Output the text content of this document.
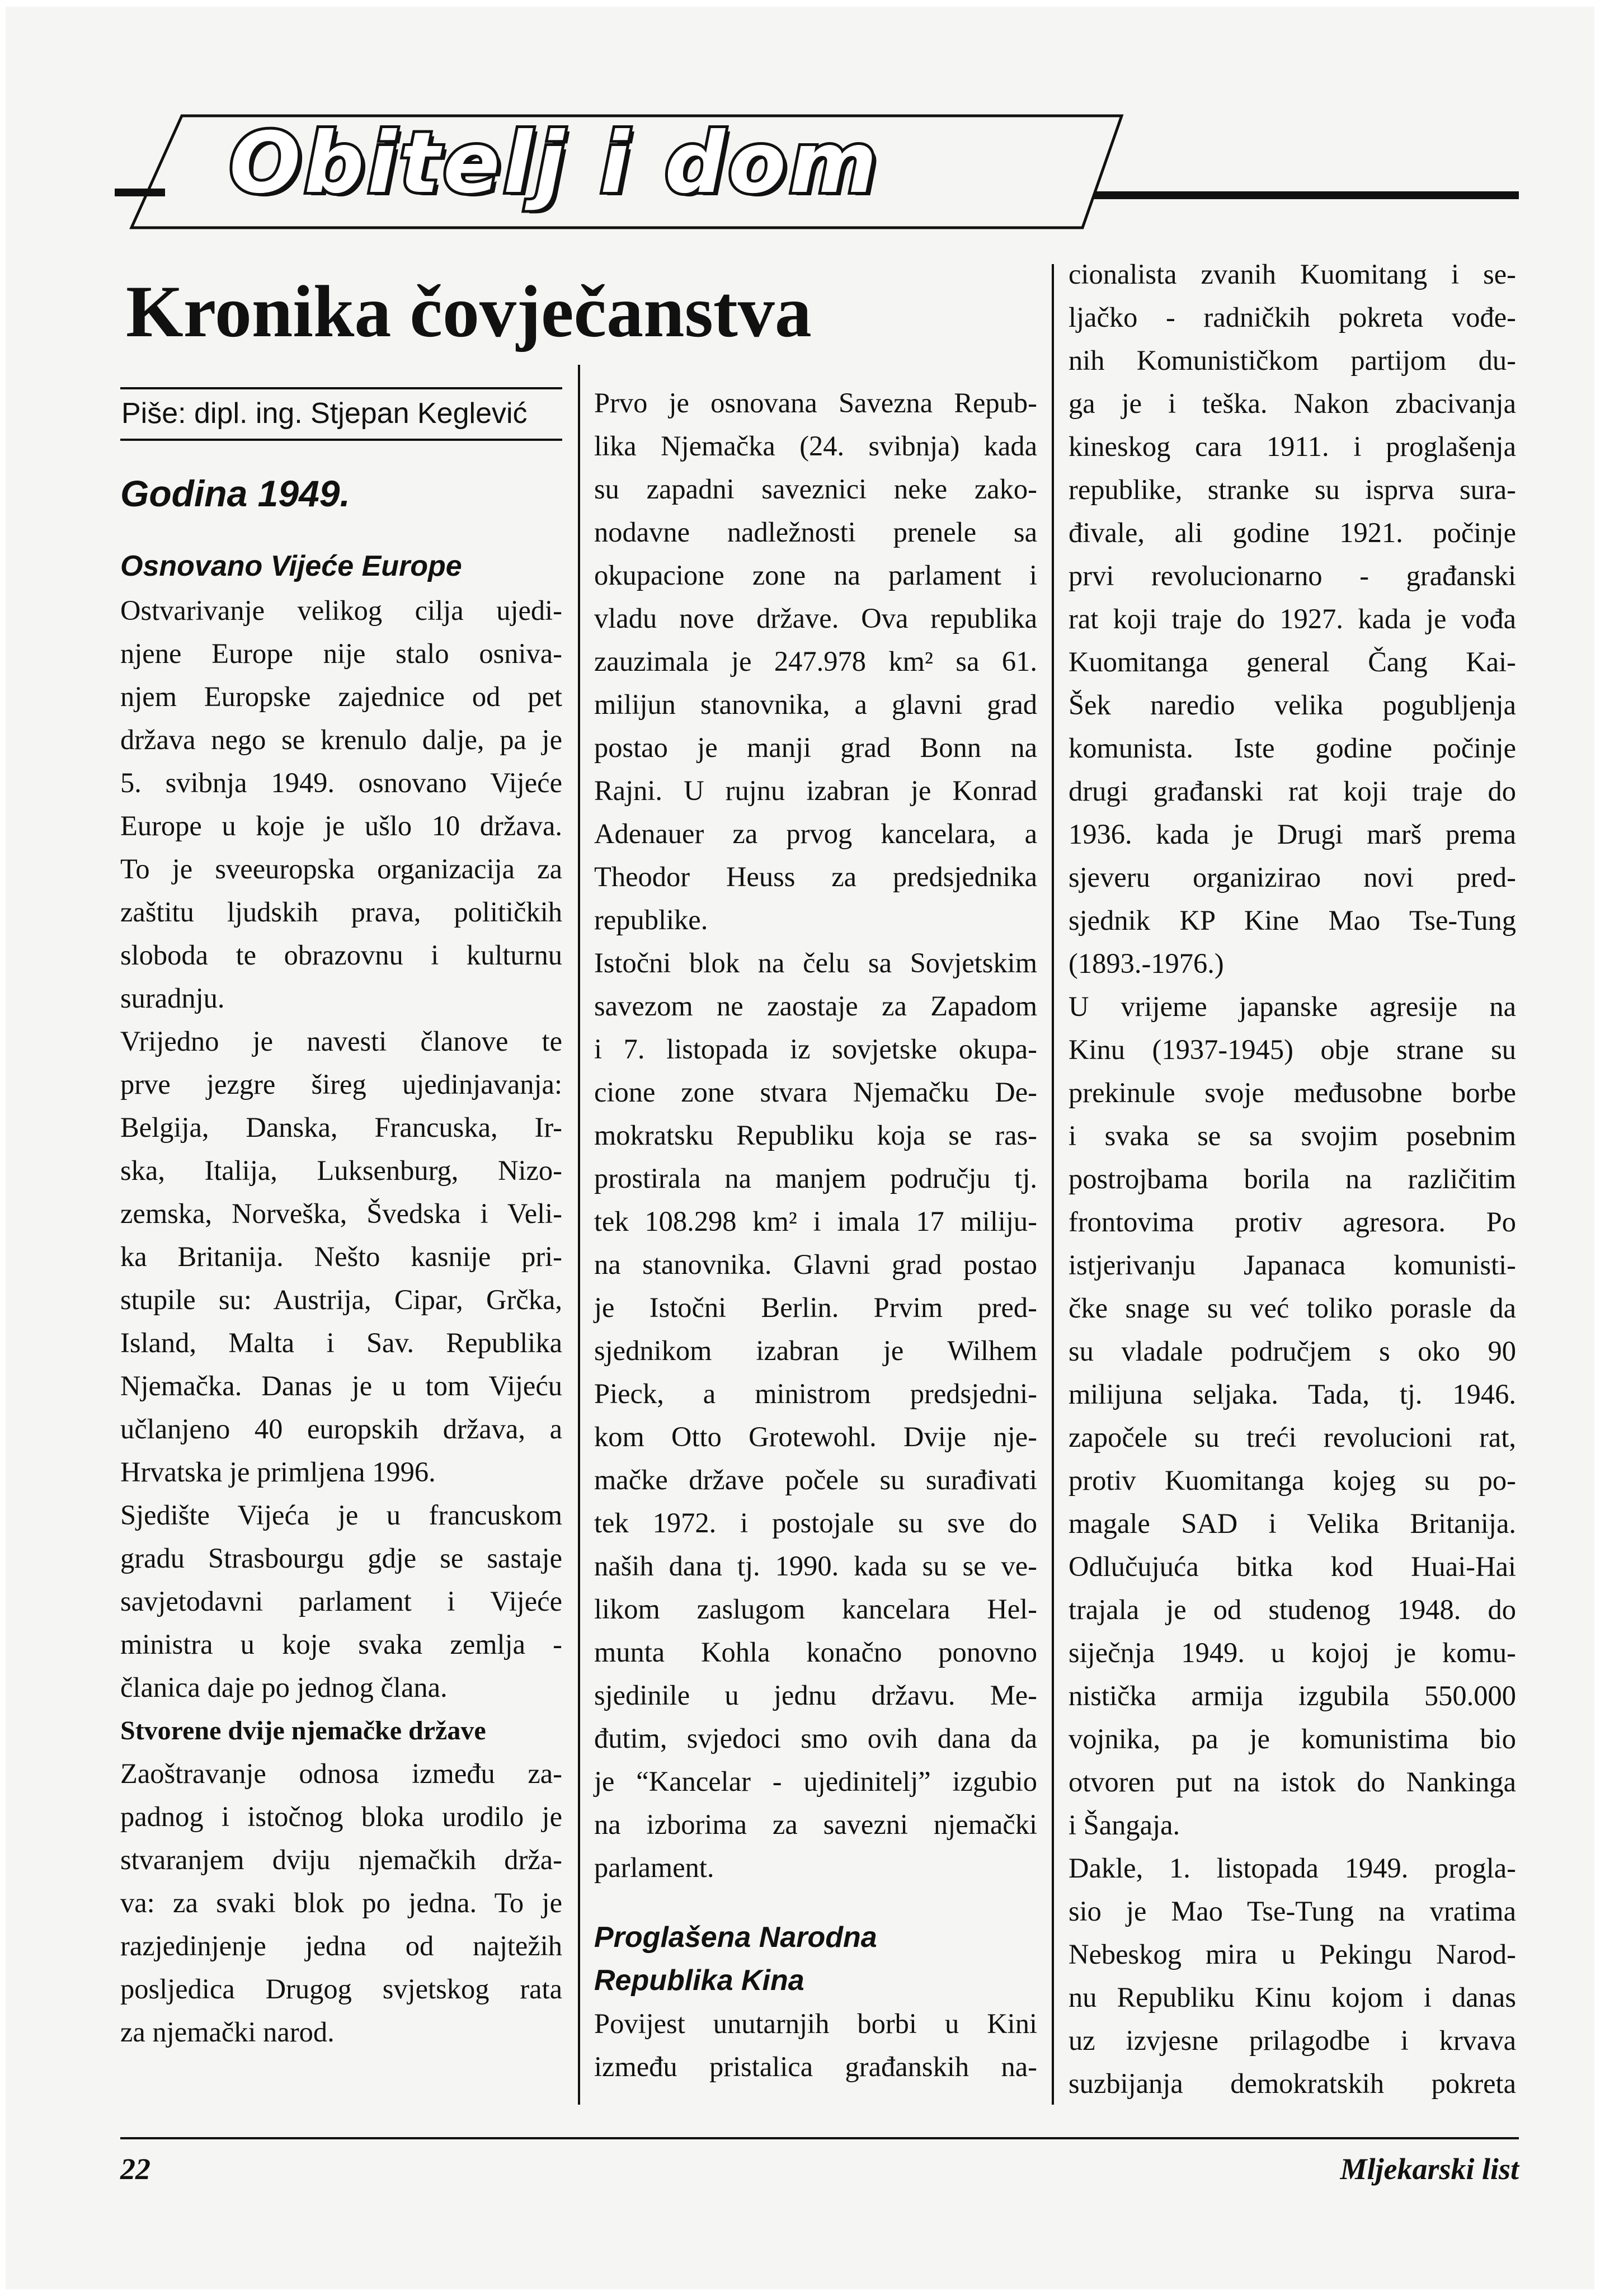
Obitelj i dom
Kronika čovječanstva
Piše: dipl. ing. Stjepan Keglević
Godina 1949.
Osnovano Vijeće Europe

Ostvarivanje velikog cilja ujedi-

njene Europe nije stalo osniva-

njem Europske zajednice od pet

država nego se krenulo dalje, pa je

5. svibnja 1949. osnovano Vijeće

Europe u koje je ušlo 10 država.

To je sveeuropska organizacija za

zaštitu ljudskih prava, političkih

sloboda te obrazovnu i kulturnu

suradnju.

Vrijedno je navesti članove te

prve jezgre šireg ujedinjavanja:

Belgija, Danska, Francuska, Ir-

ska, Italija, Luksenburg, Nizo-

zemska, Norveška, Švedska i Veli-

ka Britanija. Nešto kasnije pri-

stupile su: Austrija, Cipar, Grčka,

Island, Malta i Sav. Republika

Njemačka. Danas je u tom Vijeću

učlanjeno 40 europskih država, a

Hrvatska je primljena 1996.

Sjedište Vijeća je u francuskom

gradu Strasbourgu gdje se sastaje

savjetodavni parlament i Vijeće

ministra u koje svaka zemlja -

članica daje po jednog člana.

Stvorene dvije njemačke države

Zaoštravanje odnosa između za-

padnog i istočnog bloka urodilo je

stvaranjem dviju njemačkih drža-

va: za svaki blok po jedna. To je

razjedinjenje jedna od najtežih

posljedica Drugog svjetskog rata

za njemački narod.

Prvo je osnovana Savezna Repub-

lika Njemačka (24. svibnja) kada

su zapadni saveznici neke zako-

nodavne nadležnosti prenele sa

okupacione zone na parlament i

vladu nove države. Ova republika

zauzimala je 247.978 km² sa 61.

milijun stanovnika, a glavni grad

postao je manji grad Bonn na

Rajni. U rujnu izabran je Konrad

Adenauer za prvog kancelara, a

Theodor Heuss za predsjednika

republike.

Istočni blok na čelu sa Sovjetskim

savezom ne zaostaje za Zapadom

i 7. listopada iz sovjetske okupa-

cione zone stvara Njemačku De-

mokratsku Republiku koja se ras-

prostirala na manjem području tj.

tek 108.298 km² i imala 17 miliju-

na stanovnika. Glavni grad postao

je Istočni Berlin. Prvim pred-

sjednikom izabran je Wilhem

Pieck, a ministrom predsjedni-

kom Otto Grotewohl. Dvije nje-

mačke države počele su surađivati

tek 1972. i postojale su sve do

naših dana tj. 1990. kada su se ve-

likom zaslugom kancelara Hel-

munta Kohla konačno ponovno

sjedinile u jednu državu. Me-

đutim, svjedoci smo ovih dana da

je “Kancelar - ujedinitelj” izgubio

na izborima za savezni njemački

parlament.

Proglašena Narodna
Republika Kina

Povijest unutarnjih borbi u Kini

između pristalica građanskih na-

cionalista zvanih Kuomitang i se-

ljačko - radničkih pokreta vođe-

nih Komunističkom partijom du-

ga je i teška. Nakon zbacivanja

kineskog cara 1911. i proglašenja

republike, stranke su isprva sura-

đivale, ali godine 1921. počinje

prvi revolucionarno - građanski

rat koji traje do 1927. kada je vođa

Kuomitanga general Čang Kai-

Šek naredio velika pogubljenja

komunista. Iste godine počinje

drugi građanski rat koji traje do

1936. kada je Drugi marš prema

sjeveru organizirao novi pred-

sjednik KP Kine Mao Tse-Tung

(1893.-1976.)

U vrijeme japanske agresije na

Kinu (1937-1945) obje strane su

prekinule svoje međusobne borbe

i svaka se sa svojim posebnim

postrojbama borila na različitim

frontovima protiv agresora. Po

istjerivanju Japanaca komunisti-

čke snage su već toliko porasle da

su vladale područjem s oko 90

milijuna seljaka. Tada, tj. 1946.

započele su treći revolucioni rat,

protiv Kuomitanga kojeg su po-

magale SAD i Velika Britanija.

Odlučujuća bitka kod Huai-Hai

trajala je od studenog 1948. do

siječnja 1949. u kojoj je komu-

nistička armija izgubila 550.000

vojnika, pa je komunistima bio

otvoren put na istok do Nankinga

i Šangaja.

Dakle, 1. listopada 1949. progla-

sio je Mao Tse-Tung na vratima

Nebeskog mira u Pekingu Narod-

nu Republiku Kinu kojom i danas

uz izvjesne prilagodbe i krvava

suzbijanja demokratskih pokreta

22	Mljekarski list
